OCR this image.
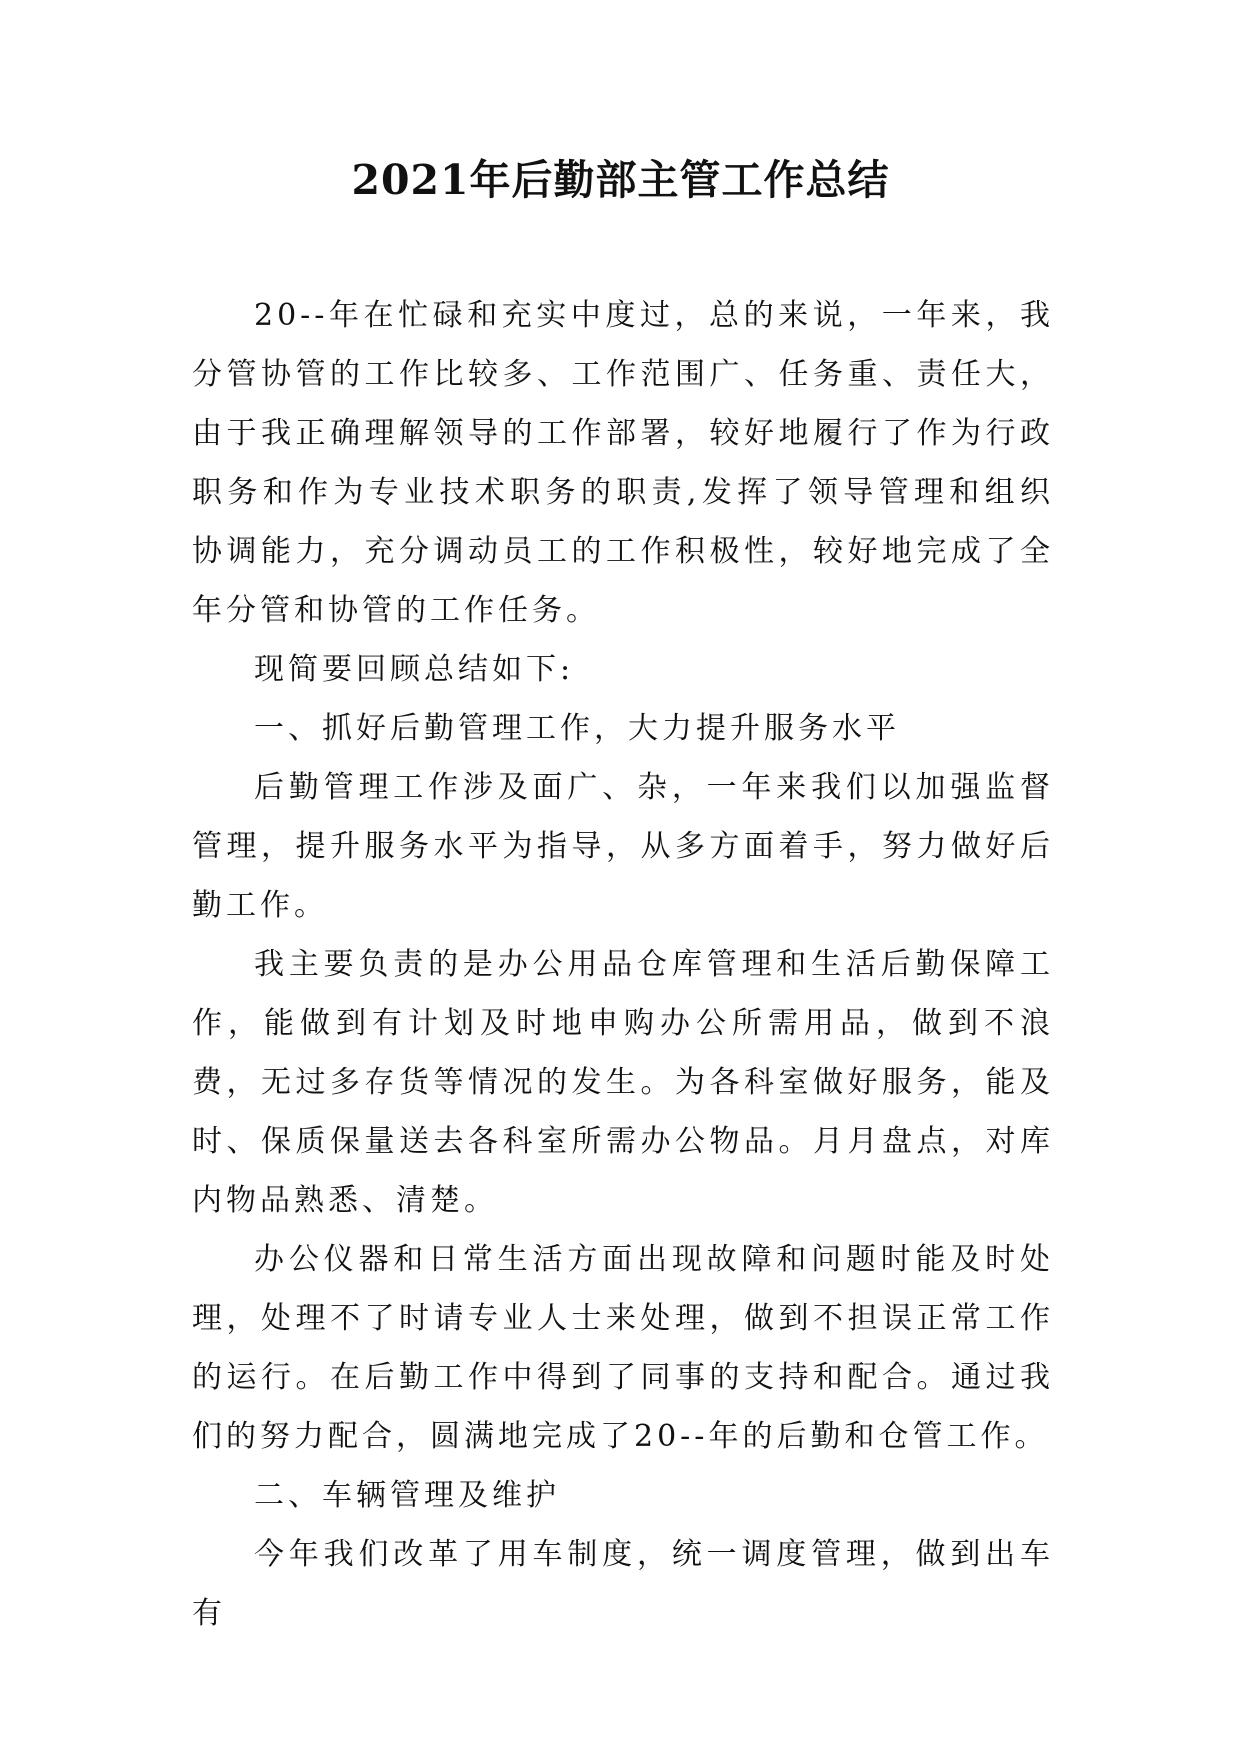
2021年后勤部主管工作总结

20--年在忙碌和充实中度过，总的来说，一年来，我分管协管的工作比较多、工作范围广、任务重、责任大，由于我正确理解领导的工作部署，较好地履行了作为行政职务和作为专业技术职务的职责,发挥了领导管理和组织协调能力，充分调动员工的工作积极性，较好地完成了全年分管和协管的工作任务。

现简要回顾总结如下:

一、抓好后勤管理工作，大力提升服务水平

后勤管理工作涉及面广、杂，一年来我们以加强监督管理，提升服务水平为指导，从多方面着手，努力做好后勤工作。

我主要负责的是办公用品仓库管理和生活后勤保障工作，能做到有计划及时地申购办公所需用品，做到不浪费，无过多存货等情况的发生。为各科室做好服务，能及时、保质保量送去各科室所需办公物品。月月盘点，对库内物品熟悉、清楚。

办公仪器和日常生活方面出现故障和问题时能及时处理，处理不了时请专业人士来处理，做到不担误正常工作的运行。在后勤工作中得到了同事的支持和配合。通过我们的努力配合，圆满地完成了20--年的后勤和仓管工作。

二、车辆管理及维护

今年我们改革了用车制度，统一调度管理，做到出车有
